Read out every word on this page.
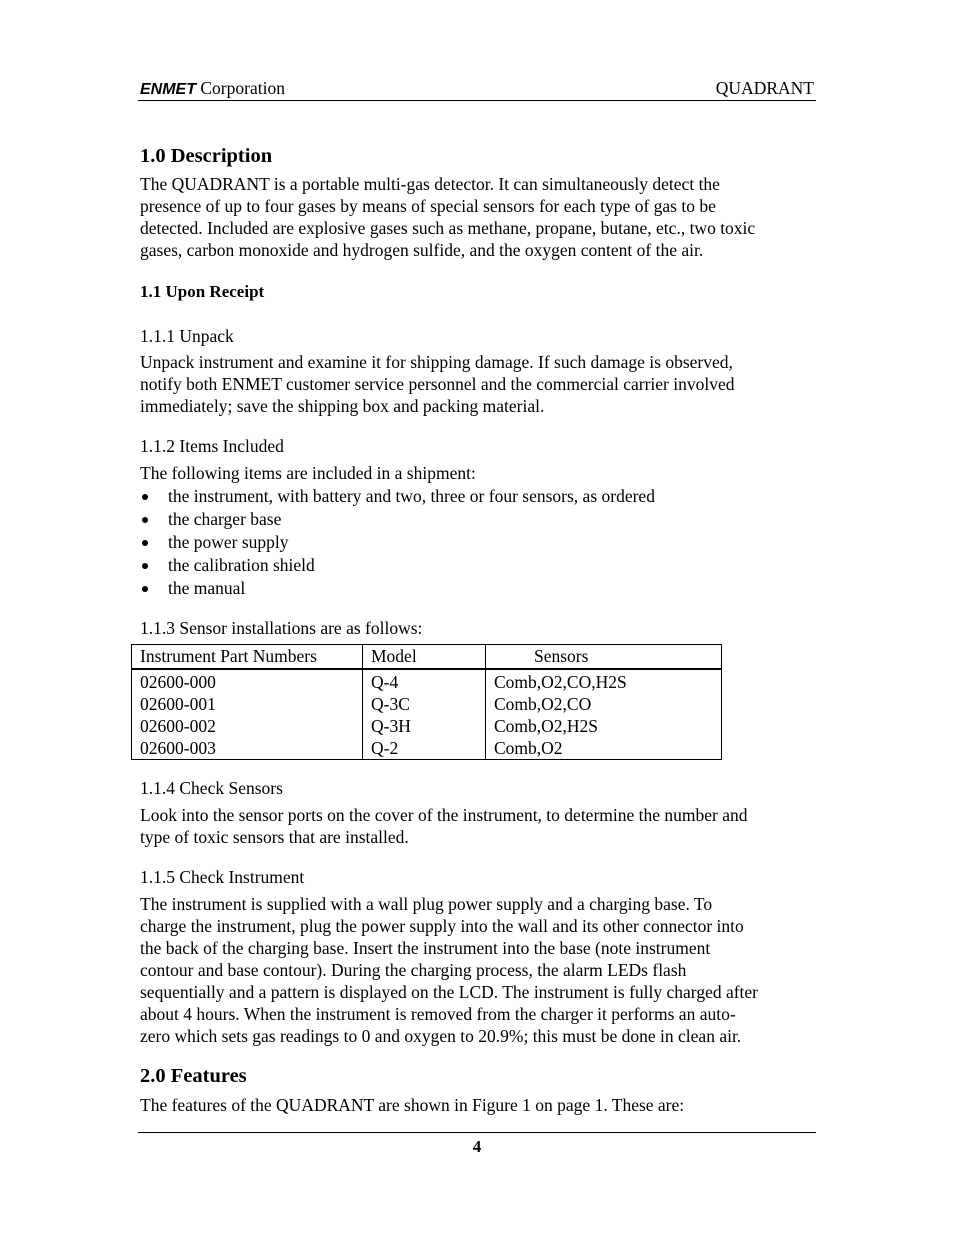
ENMET Corporation	QUADRANT
1.0 Description
The QUADRANT is a portable multi-gas detector. It can simultaneously detect the
presence of up to four gases by means of special sensors for each type of gas to be
detected. Included are explosive gases such as methane, propane, butane, etc., two toxic
gases, carbon monoxide and hydrogen sulfide, and the oxygen content of the air.
1.1 Upon Receipt
1.1.1 Unpack
Unpack instrument and examine it for shipping damage. If such damage is observed,
notify both ENMET customer service personnel and the commercial carrier involved
immediately; save the shipping box and packing material.
1.1.2 Items Included
The following items are included in a shipment:
the instrument, with battery and two, three or four sensors, as ordered
the charger base
the power supply
the calibration shield
the manual
1.1.3 Sensor installations are as follows:
Instrument Part Numbers	Model	Sensors
02600-000	Q-4	Comb,O2,CO,H2S
02600-001	Q-3C	Comb,O2,CO
02600-002	Q-3H	Comb,O2,H2S
02600-003	Q-2	Comb,O2
1.1.4 Check Sensors
Look into the sensor ports on the cover of the instrument, to determine the number and
type of toxic sensors that are installed.
1.1.5 Check Instrument
The instrument is supplied with a wall plug power supply and a charging base. To
charge the instrument, plug the power supply into the wall and its other connector into
the back of the charging base. Insert the instrument into the base (note instrument
contour and base contour). During the charging process, the alarm LEDs flash
sequentially and a pattern is displayed on the LCD. The instrument is fully charged after
about 4 hours. When the instrument is removed from the charger it performs an auto-
zero which sets gas readings to 0 and oxygen to 20.9%; this must be done in clean air.
2.0 Features
The features of the QUADRANT are shown in Figure 1 on page 1. These are:
4
